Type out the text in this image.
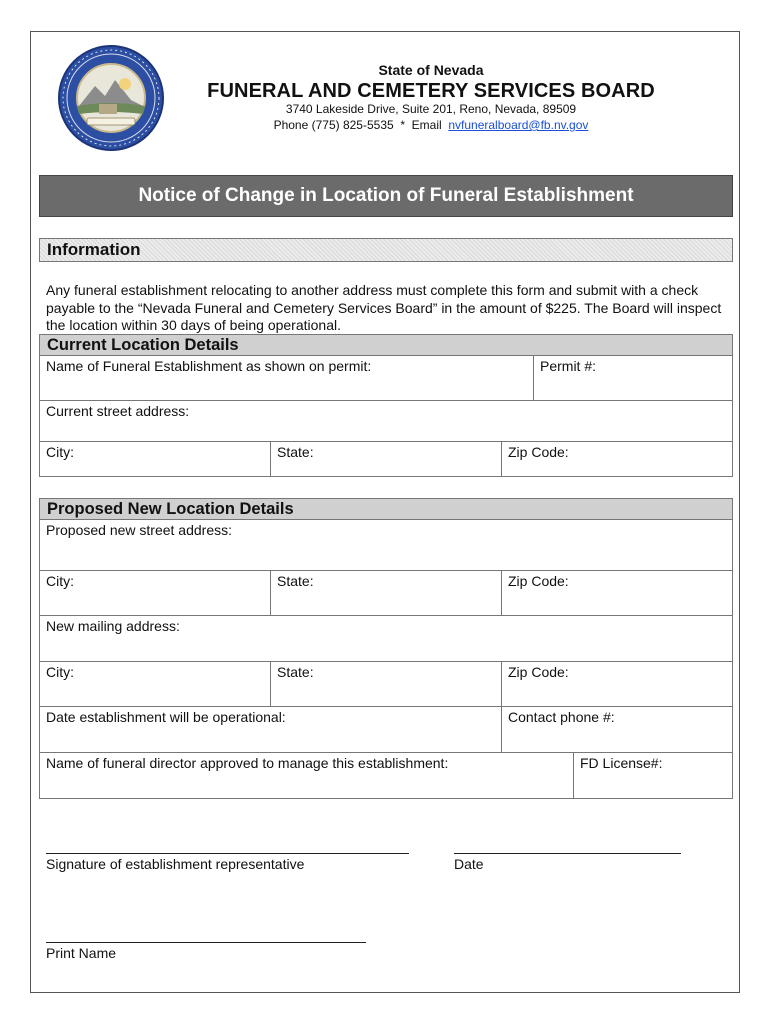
State of Nevada
FUNERAL AND CEMETERY SERVICES BOARD
3740 Lakeside Drive, Suite 201, Reno, Nevada, 89509
Phone (775) 825-5535  *  Email  nvfuneralboard@fb.nv.gov
Notice of Change in Location of Funeral Establishment
Information
Any funeral establishment relocating to another address must complete this form and submit with a check payable to the “Nevada Funeral and Cemetery Services Board” in the amount of $225. The Board will inspect the location within 30 days of being operational.
Current Location Details
Name of Funeral Establishment as shown on permit:	Permit #:
Current street address:
City:	State:	Zip Code:
Proposed New Location Details
Proposed new street address:
City:	State:	Zip Code:
New mailing address:
City:	State:	Zip Code:
Date establishment will be operational:	Contact phone #:
Name of funeral director approved to manage this establishment:	FD License#:
Signature of establishment representative	Date
Print Name
